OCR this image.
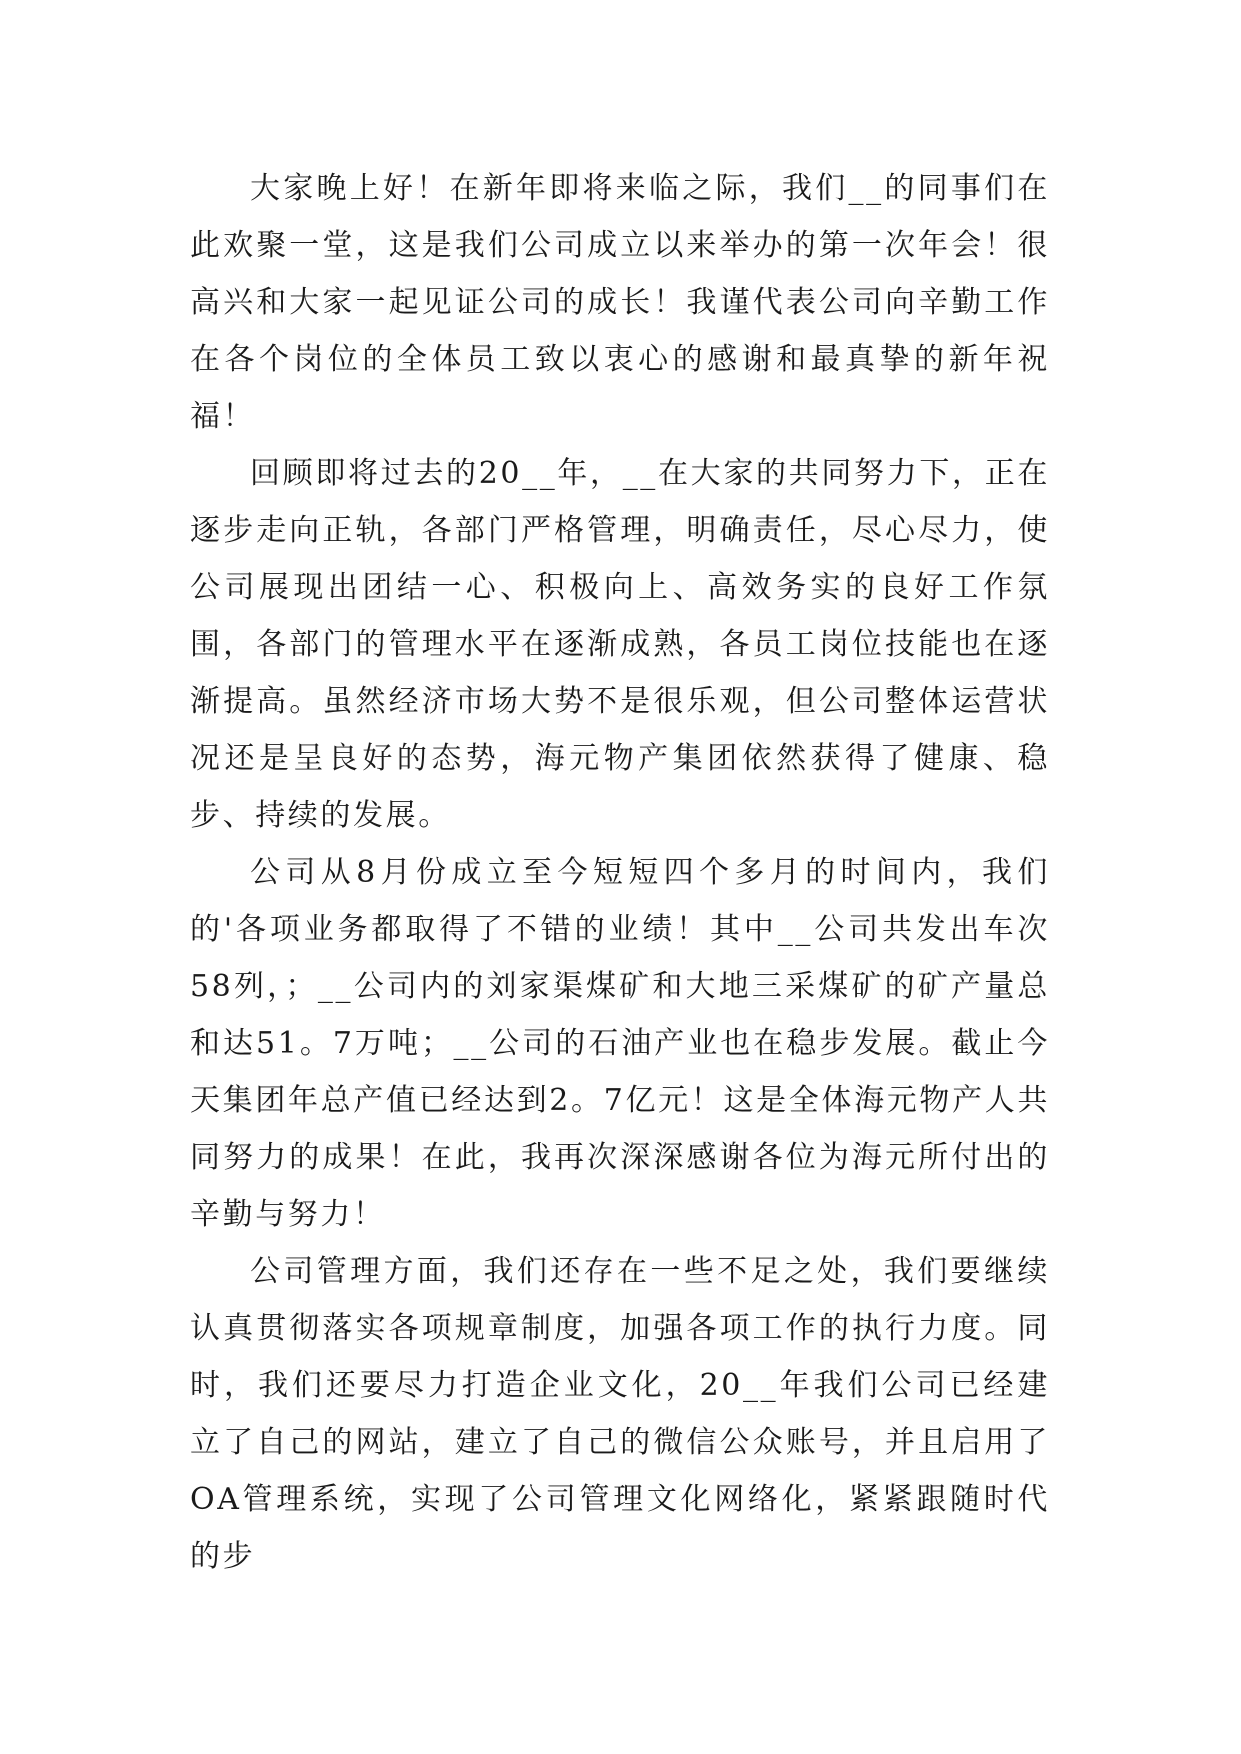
大家晚上好！在新年即将来临之际，我们__的同事们在此欢聚一堂，这是我们公司成立以来举办的第一次年会！很高兴和大家一起见证公司的成长！我谨代表公司向辛勤工作在各个岗位的全体员工致以衷心的感谢和最真挚的新年祝福！

回顾即将过去的20__年，__在大家的共同努力下，正在逐步走向正轨，各部门严格管理，明确责任，尽心尽力，使公司展现出团结一心、积极向上、高效务实的良好工作氛围，各部门的管理水平在逐渐成熟，各员工岗位技能也在逐渐提高。虽然经济市场大势不是很乐观，但公司整体运营状况还是呈良好的态势，海元物产集团依然获得了健康、稳步、持续的发展。

公司从8月份成立至今短短四个多月的时间内，我们的'各项业务都取得了不错的业绩！其中__公司共发出车次58列，；__公司内的刘家渠煤矿和大地三采煤矿的矿产量总和达51。7万吨；__公司的石油产业也在稳步发展。截止今天集团年总产值已经达到2。7亿元！这是全体海元物产人共同努力的成果！在此，我再次深深感谢各位为海元所付出的辛勤与努力！

公司管理方面，我们还存在一些不足之处，我们要继续认真贯彻落实各项规章制度，加强各项工作的执行力度。同时，我们还要尽力打造企业文化，20__年我们公司已经建立了自己的网站，建立了自己的微信公众账号，并且启用了OA管理系统，实现了公司管理文化网络化，紧紧跟随时代的步
